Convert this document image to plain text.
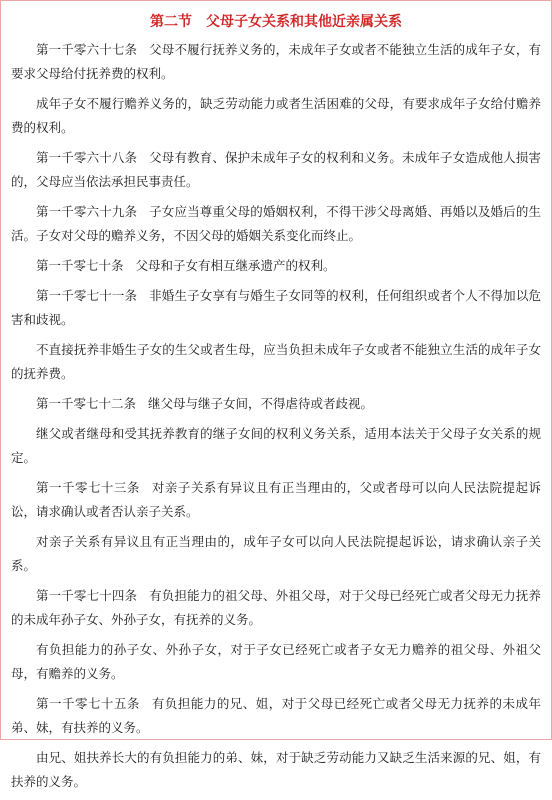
第二节　父母子女关系和其他近亲属关系

第一千零六十七条 父母不履行抚养义务的，未成年子女或者不能独立生活的成年子女，有要求父母给付抚养费的权利。

成年子女不履行赡养义务的，缺乏劳动能力或者生活困难的父母，有要求成年子女给付赡养费的权利。

第一千零六十八条 父母有教育、保护未成年子女的权利和义务。未成年子女造成他人损害的，父母应当依法承担民事责任。

第一千零六十九条 子女应当尊重父母的婚姻权利，不得干涉父母离婚、再婚以及婚后的生活。子女对父母的赡养义务，不因父母的婚姻关系变化而终止。

第一千零七十条 父母和子女有相互继承遗产的权利。

第一千零七十一条 非婚生子女享有与婚生子女同等的权利，任何组织或者个人不得加以危害和歧视。

不直接抚养非婚生子女的生父或者生母，应当负担未成年子女或者不能独立生活的成年子女的抚养费。

第一千零七十二条 继父母与继子女间，不得虐待或者歧视。

继父或者继母和受其抚养教育的继子女间的权利义务关系，适用本法关于父母子女关系的规定。

第一千零七十三条 对亲子关系有异议且有正当理由的，父或者母可以向人民法院提起诉讼，请求确认或者否认亲子关系。

对亲子关系有异议且有正当理由的，成年子女可以向人民法院提起诉讼，请求确认亲子关系。

第一千零七十四条 有负担能力的祖父母、外祖父母，对于父母已经死亡或者父母无力抚养的未成年孙子女、外孙子女，有抚养的义务。

有负担能力的孙子女、外孙子女，对于子女已经死亡或者子女无力赡养的祖父母、外祖父母，有赡养的义务。

第一千零七十五条 有负担能力的兄、姐，对于父母已经死亡或者父母无力抚养的未成年弟、妹，有扶养的义务。

由兄、姐扶养长大的有负担能力的弟、妹，对于缺乏劳动能力又缺乏生活来源的兄、姐，有扶养的义务。
